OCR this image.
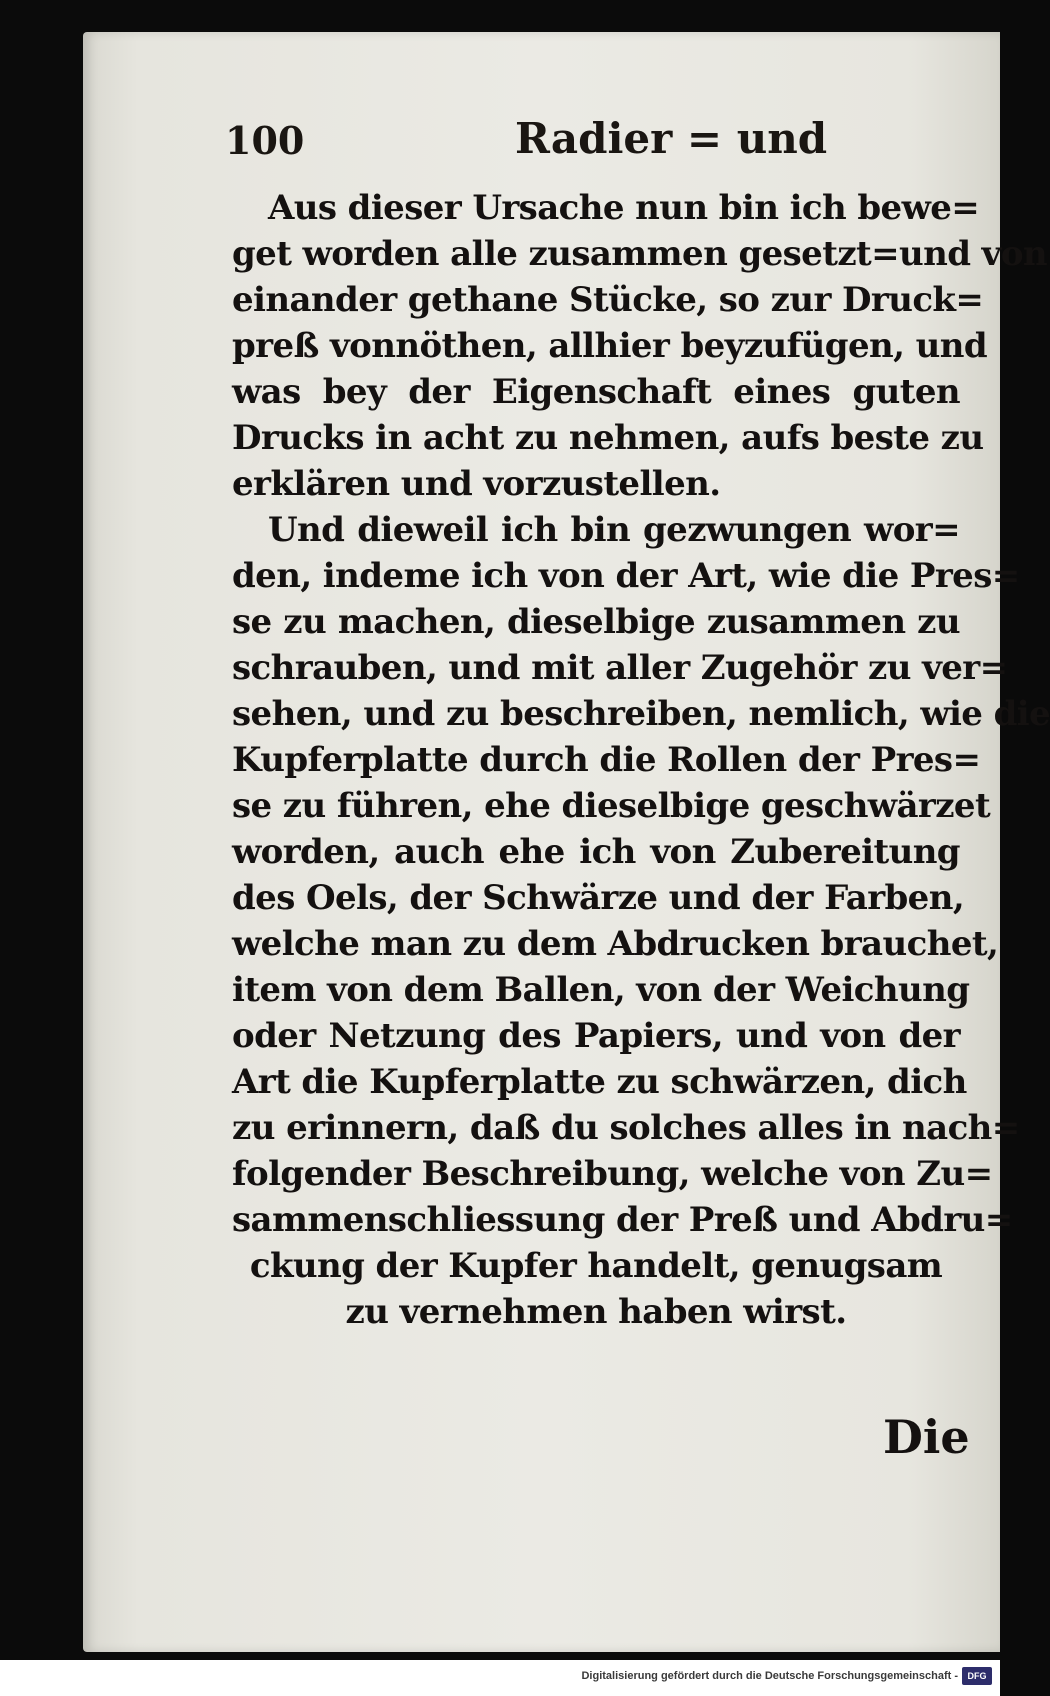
100	Radier = und
Aus dieser Ursache nun bin ich bewe=
get worden alle zusammen gesetzt=und von
einander gethane Stücke, so zur Druck=
preß vonnöthen, allhier beyzufügen, und
was bey der Eigenschaft eines guten
Drucks in acht zu nehmen, aufs beste zu
erklären und vorzustellen.
Und dieweil ich bin gezwungen wor=
den, indeme ich von der Art, wie die Pres=
se zu machen, dieselbige zusammen zu
schrauben, und mit aller Zugehör zu ver=
sehen, und zu beschreiben, nemlich, wie die
Kupferplatte durch die Rollen der Pres=
se zu führen, ehe dieselbige geschwärzet
worden, auch ehe ich von Zubereitung
des Oels, der Schwärze und der Farben,
welche man zu dem Abdrucken brauchet,
item von dem Ballen, von der Weichung
oder Netzung des Papiers, und von der
Art die Kupferplatte zu schwärzen, dich
zu erinnern, daß du solches alles in nach=
folgender Beschreibung, welche von Zu=
sammenschliessung der Preß und Abdru=
ckung der Kupfer handelt, genugsam
zu vernehmen haben wirst.
Die
Digitalisierung gefördert durch die Deutsche Forschungsgemeinschaft -	DFG
